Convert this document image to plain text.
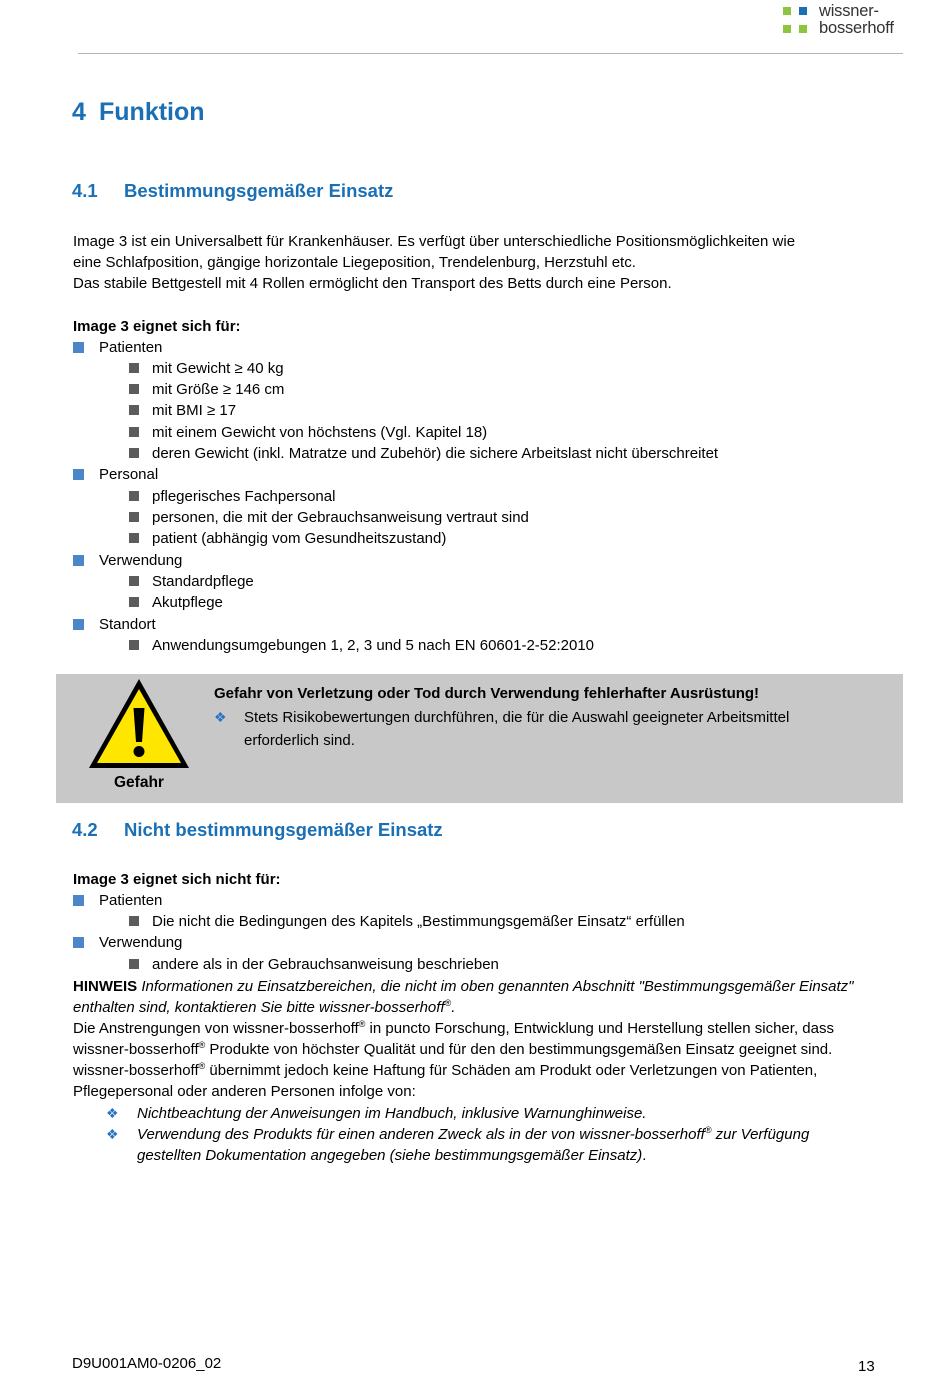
wissner-
bosserhoff
4 Funktion
4.1 Bestimmungsgemäßer Einsatz
Image 3 ist ein Universalbett für Krankenhäuser. Es verfügt über unterschiedliche Positionsmöglichkeiten wie
eine Schlafposition, gängige horizontale Liegeposition, Trendelenburg, Herzstuhl etc.
Das stabile Bettgestell mit 4 Rollen ermöglicht den Transport des Betts durch eine Person.
Image 3 eignet sich für:
Patienten
mit Gewicht ≥ 40 kg
mit Größe ≥ 146 cm
mit BMI ≥ 17
mit einem Gewicht von höchstens (Vgl. Kapitel 18)
deren Gewicht (inkl. Matratze und Zubehör) die sichere Arbeitslast nicht überschreitet
Personal
pflegerisches Fachpersonal
personen, die mit der Gebrauchsanweisung vertraut sind
patient (abhängig vom Gesundheitszustand)
Verwendung
Standardpflege
Akutpflege
Standort
Anwendungsumgebungen 1, 2, 3 und 5 nach EN 60601-2-52:2010
Gefahr
Gefahr von Verletzung oder Tod durch Verwendung fehlerhafter Ausrüstung!
❖ Stets Risikobewertungen durchführen, die für die Auswahl geeigneter Arbeitsmittel erforderlich sind.
4.2 Nicht bestimmungsgemäßer Einsatz
Image 3 eignet sich nicht für:
Patienten
Die nicht die Bedingungen des Kapitels „Bestimmungsgemäßer Einsatz“ erfüllen
Verwendung
andere als in der Gebrauchsanweisung beschrieben
HINWEIS Informationen zu Einsatzbereichen, die nicht im oben genannten Abschnitt "Bestimmungsgemäßer Einsatz" enthalten sind, kontaktieren Sie bitte wissner-bosserhoff®.
Die Anstrengungen von wissner-bosserhoff® in puncto Forschung, Entwicklung und Herstellung stellen sicher, dass wissner-bosserhoff® Produkte von höchster Qualität und für den den bestimmungsgemäßen Einsatz geeignet sind. wissner-bosserhoff® übernimmt jedoch keine Haftung für Schäden am Produkt oder Verletzungen von Patienten, Pflegepersonal oder anderen Personen infolge von:
❖ Nichtbeachtung der Anweisungen im Handbuch, inklusive Warnunghinweise.
❖ Verwendung des Produkts für einen anderen Zweck als in der von wissner-bosserhoff® zur Verfügung gestellten Dokumentation angegeben (siehe bestimmungsgemäßer Einsatz).
D9U001AM0-0206_02	13
